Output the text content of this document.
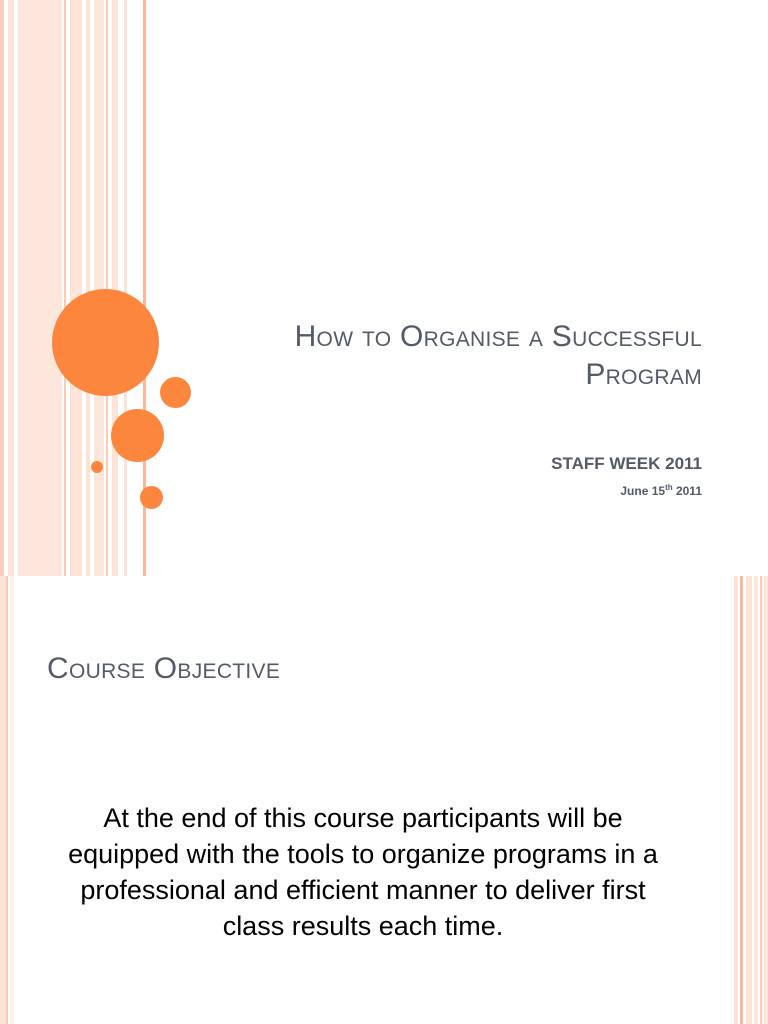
How to Organise a Successful Program
STAFF WEEK 2011
June 15th 2011
Course Objective
At the end of this course participants will be equipped with the tools to organize programs in a professional and efficient manner to deliver first class results each time.
